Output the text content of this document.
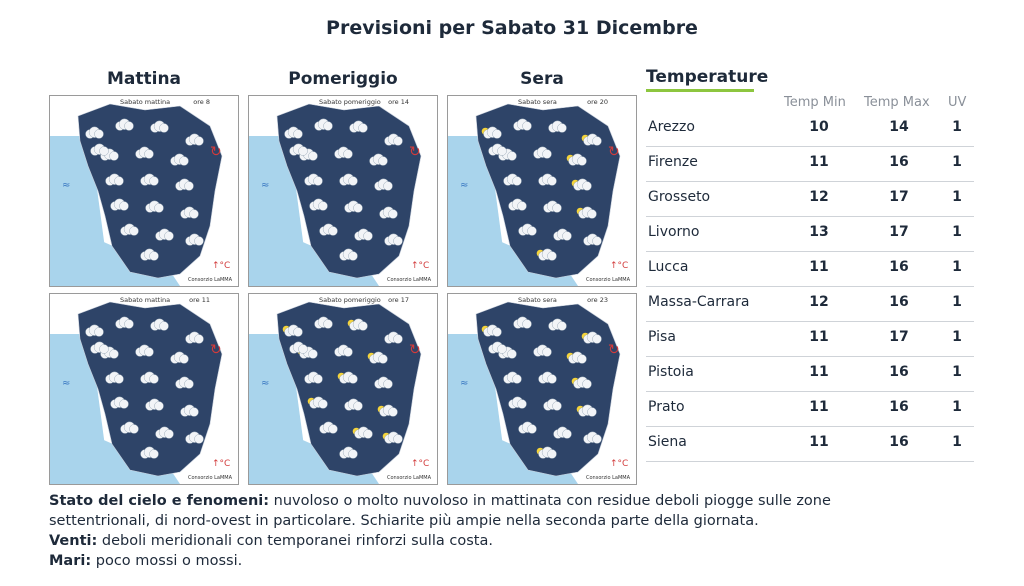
Previsioni per Sabato 31 Dicembre
Mattina	Pomeriggio	Sera
↑°C
↻
≈
Sabato mattina	ore 8
Consorzio LaMMA
↑°C
↻
≈
Sabato pomeriggio ore 14
Consorzio LaMMA
↑°C
↻
≈
Sabato sera	ore 20
Consorzio LaMMA
↑°C
↻
≈
Sabato mattina	ore 11
Consorzio LaMMA
↑°C
↻
≈
Sabato pomeriggio ore 17
Consorzio LaMMA
↑°C
↻
≈
Sabato sera	ore 23
Consorzio LaMMA
Temperature
Temp Min Temp Max UV
Arezzo	10	14	1
Firenze	11	16	1
Grosseto	12	17	1
Livorno	13	17	1
Lucca	11	16	1
Massa-Carrara	12	16	1
Pisa	11	17	1
Pistoia	11	16	1
Prato	11	16	1
Siena	11	16	1
Stato del cielo e fenomeni: nuvoloso o molto nuvoloso in mattinata con residue deboli piogge sulle zone
settentrionali, di nord-ovest in particolare. Schiarite più ampie nella seconda parte della giornata.
Venti: deboli meridionali con temporanei rinforzi sulla costa.
Mari: poco mossi o mossi.
